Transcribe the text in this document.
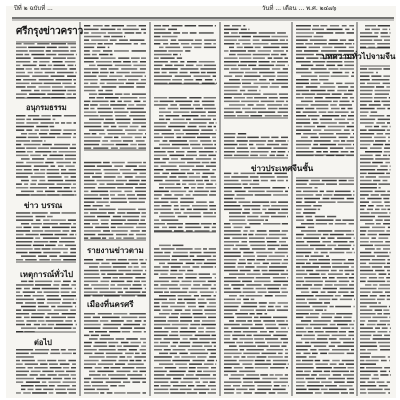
ปีที่ ๒ ฉบับที่ ...	วันที่ ... เดือน ... พ.ศ. ๒๔๗๖
ศรีกรุงข่าวคราว
อนุกรมธรรม
ข่าว บรรณ
เหตุการณ์ทั่วไป
ต่อไป
รายงานข่าวตาม
เมืองที่นครศรี
ข่าวประเทศจีนชั้น
บทความทั่วไปจามจีน
